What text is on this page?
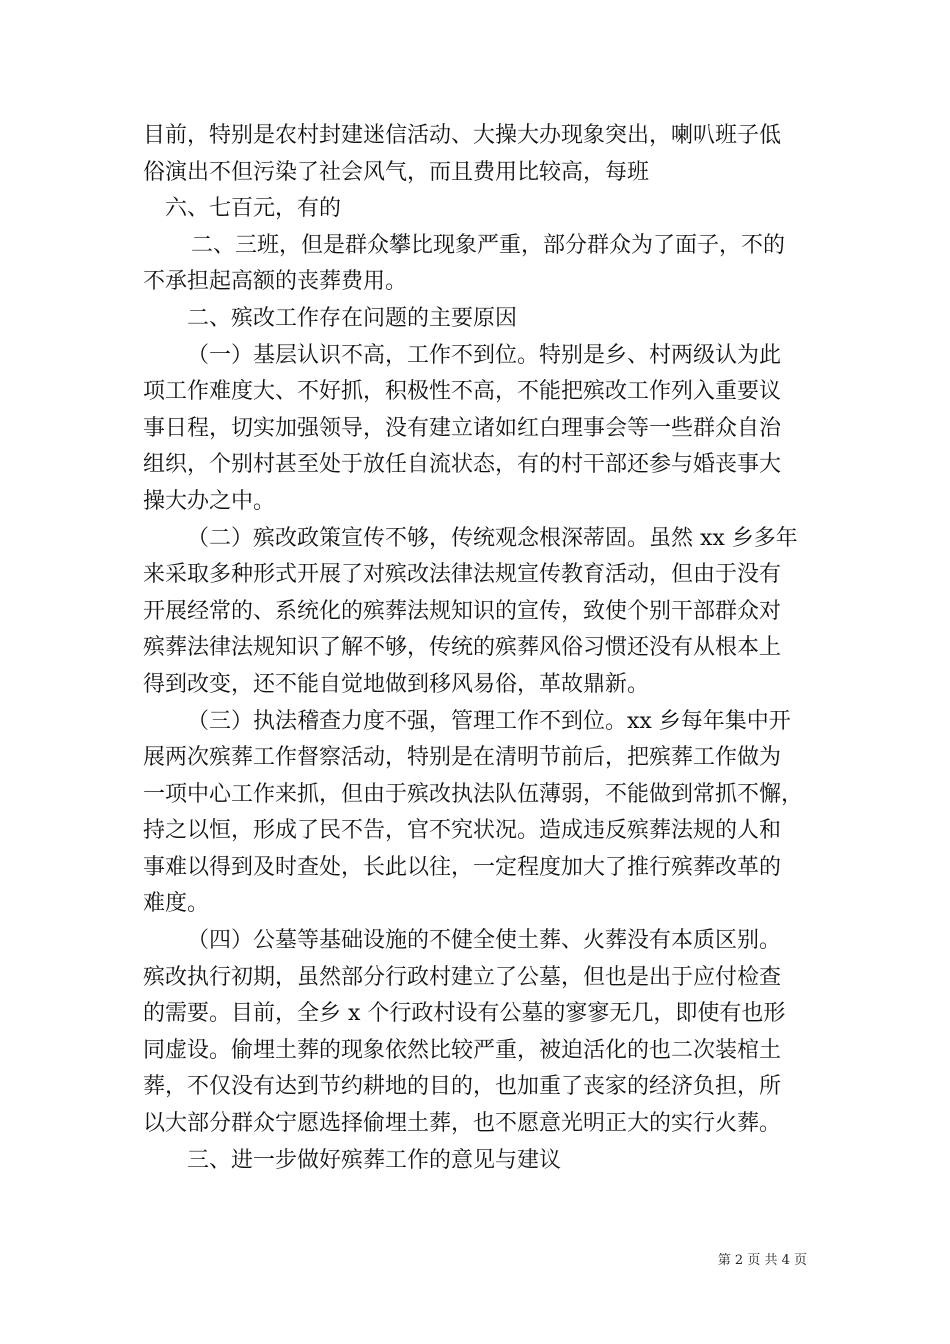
目前，特别是农村封建迷信活动、大操大办现象突出，喇叭班子低
俗演出不但污染了社会风气，而且费用比较高，每班
六、七百元，有的
二、三班，但是群众攀比现象严重，部分群众为了面子，不的
不承担起高额的丧葬费用。
二、殡改工作存在问题的主要原因
（一）基层认识不高，工作不到位。特别是乡、村两级认为此
项工作难度大、不好抓，积极性不高，不能把殡改工作列入重要议
事日程，切实加强领导，没有建立诸如红白理事会等一些群众自治
组织，个别村甚至处于放任自流状态，有的村干部还参与婚丧事大
操大办之中。
（二）殡改政策宣传不够，传统观念根深蒂固。虽然 xx 乡多年
来采取多种形式开展了对殡改法律法规宣传教育活动，但由于没有
开展经常的、系统化的殡葬法规知识的宣传，致使个别干部群众对
殡葬法律法规知识了解不够，传统的殡葬风俗习惯还没有从根本上
得到改变，还不能自觉地做到移风易俗，革故鼎新。
（三）执法稽查力度不强，管理工作不到位。xx 乡每年集中开
展两次殡葬工作督察活动，特别是在清明节前后，把殡葬工作做为
一项中心工作来抓，但由于殡改执法队伍薄弱，不能做到常抓不懈，
持之以恒，形成了民不告，官不究状况。造成违反殡葬法规的人和
事难以得到及时查处，长此以往，一定程度加大了推行殡葬改革的
难度。
（四）公墓等基础设施的不健全使土葬、火葬没有本质区别。
殡改执行初期，虽然部分行政村建立了公墓，但也是出于应付检查
的需要。目前，全乡 x 个行政村设有公墓的寥寥无几，即使有也形
同虚设。偷埋土葬的现象依然比较严重，被迫活化的也二次装棺土
葬，不仅没有达到节约耕地的目的，也加重了丧家的经济负担，所
以大部分群众宁愿选择偷埋土葬，也不愿意光明正大的实行火葬。
三、进一步做好殡葬工作的意见与建议
第 2 页 共 4 页
